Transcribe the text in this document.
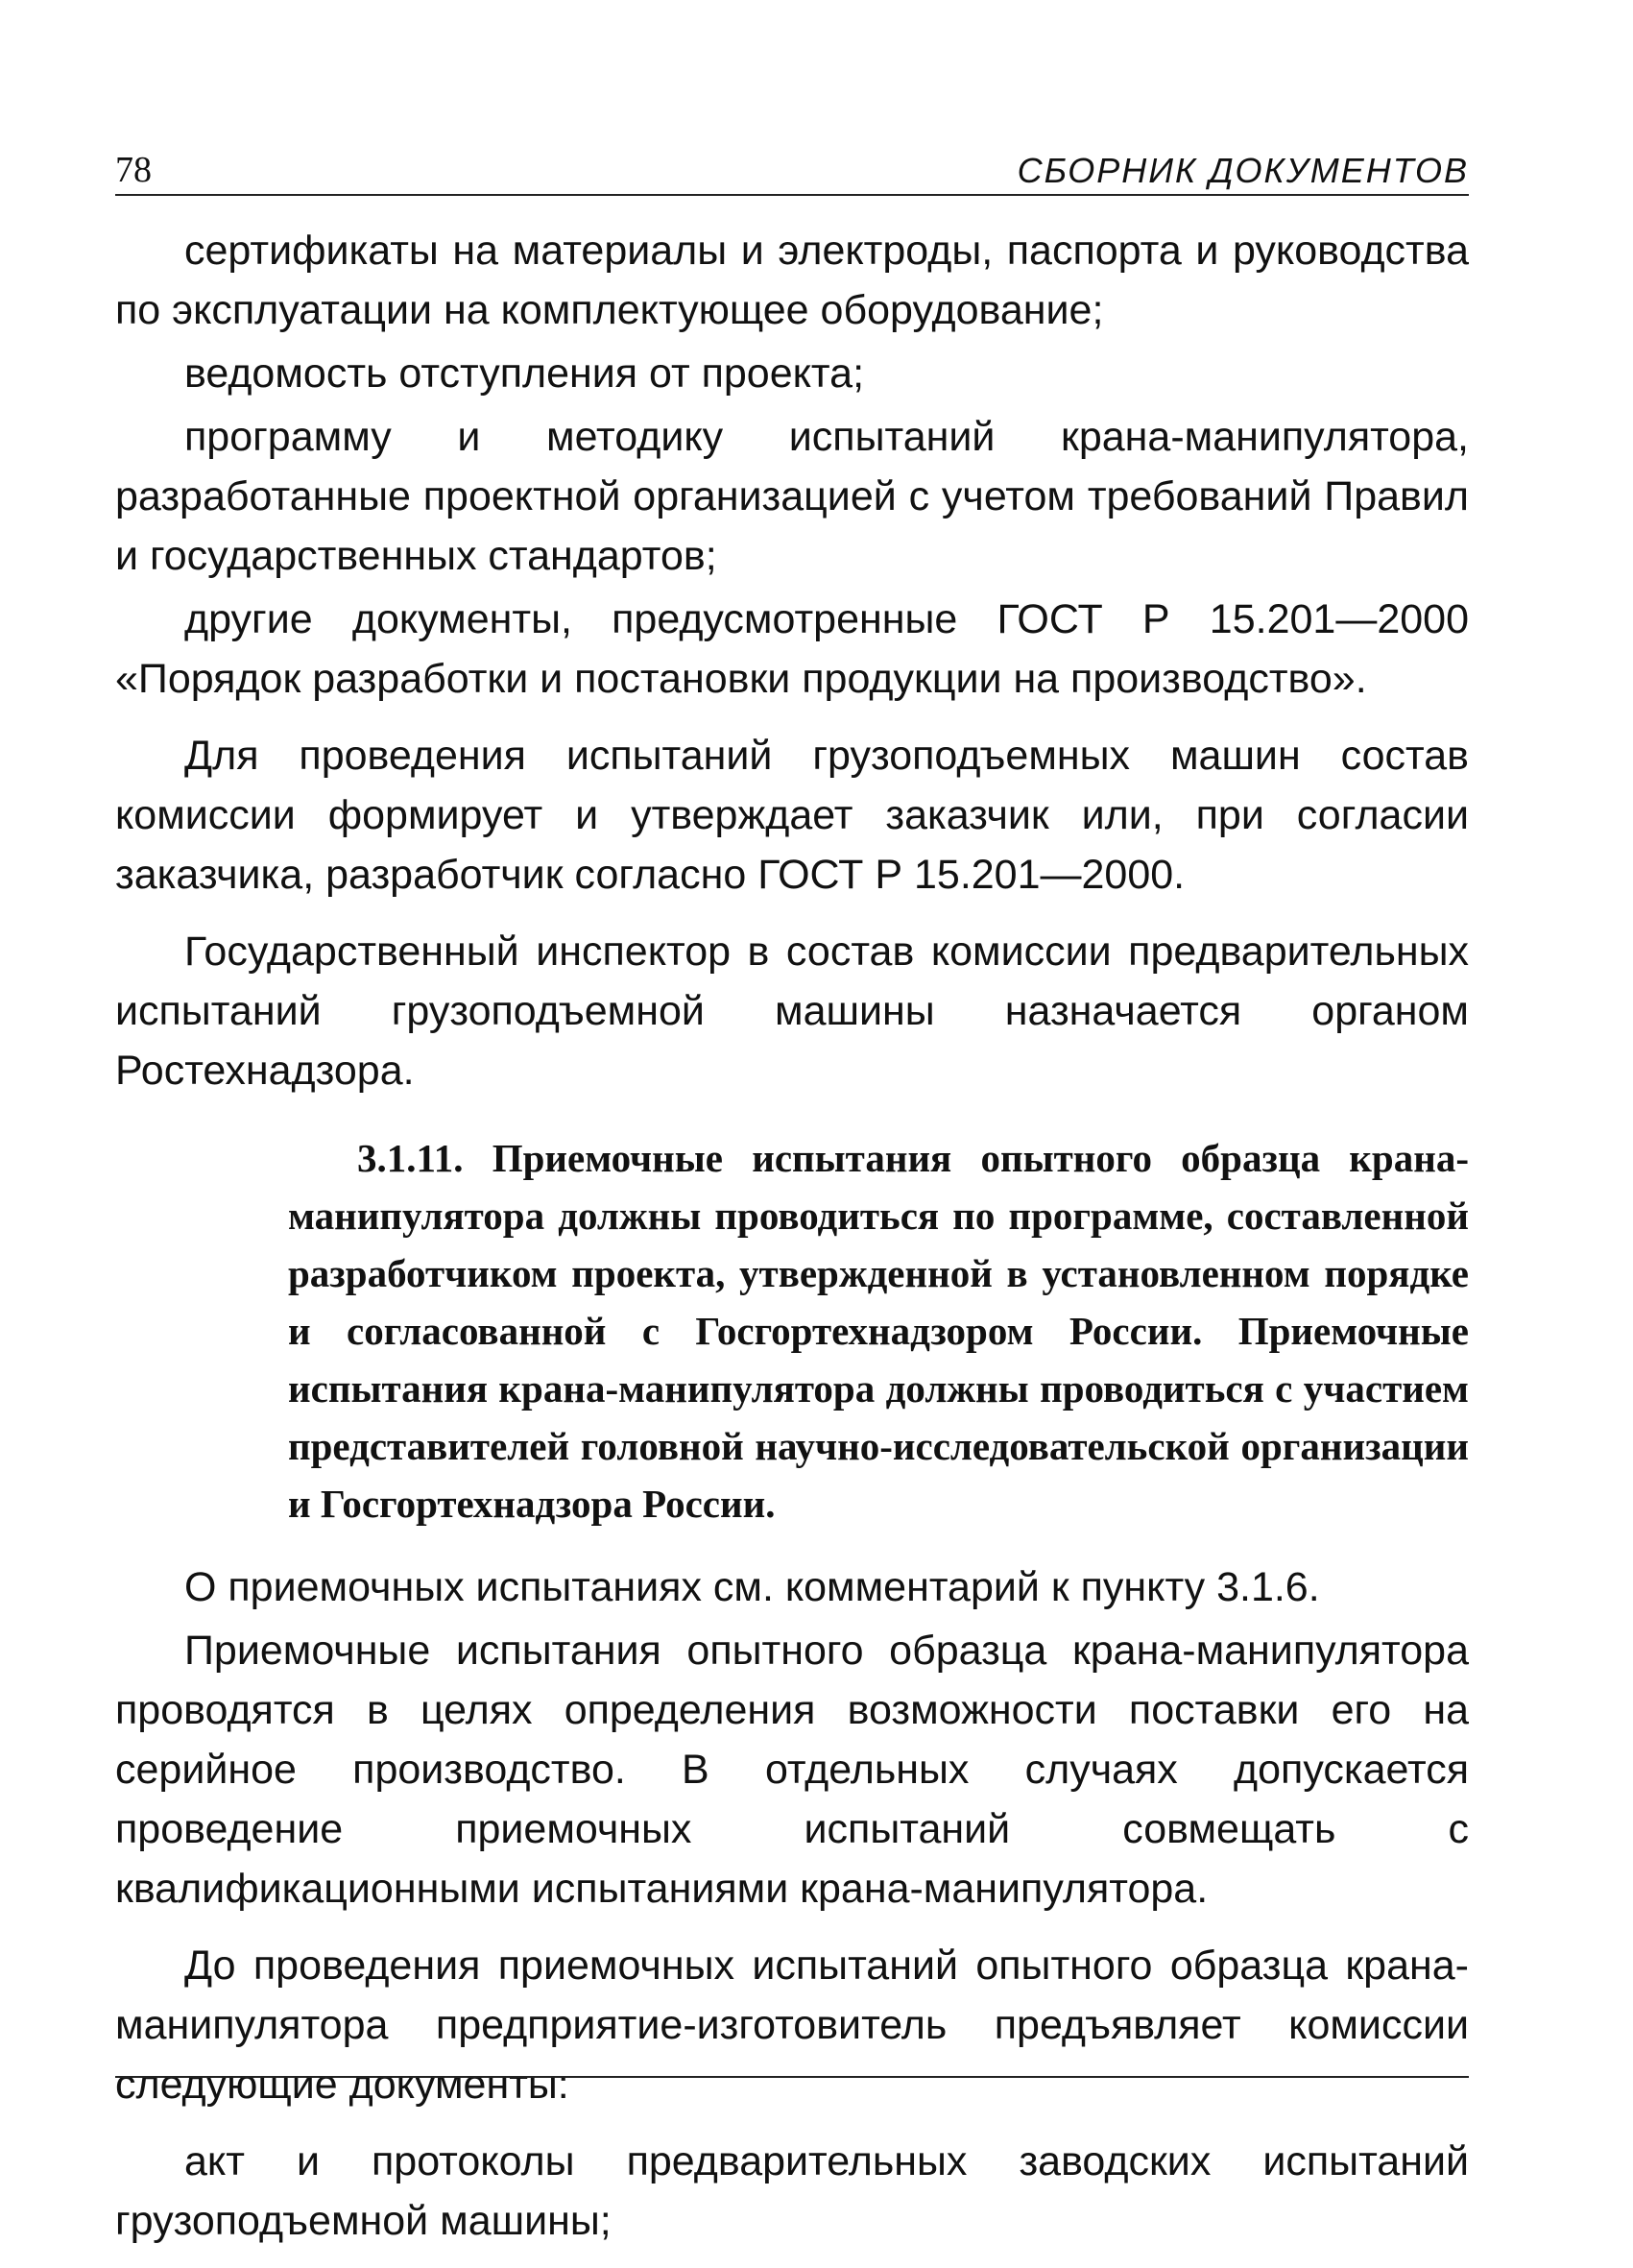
78	СБОРНИК ДОКУМЕНТОВ

сертификаты на материалы и электроды, паспорта и руководства по эксплуатации на комплектующее оборудование;

ведомость отступления от проекта;

программу и методику испытаний крана-манипулятора, разработанные проектной организацией с учетом требований Правил и государственных стандартов;

другие документы, предусмотренные ГОСТ Р 15.201—2000 «Порядок разработки и постановки продукции на производство».

Для проведения испытаний грузоподъемных машин состав комиссии формирует и утверждает заказчик или, при согласии заказчика, разработчик согласно ГОСТ Р 15.201—2000.

Государственный инспектор в состав комиссии предварительных испытаний грузоподъемной машины назначается органом Ростехнадзора.

3.1.11. Приемочные испытания опытного образца крана-манипулятора должны проводиться по программе, составленной разработчиком проекта, утвержденной в установленном порядке и согласованной с Госгортехнадзором России. Приемочные испытания крана-манипулятора должны проводиться с участием представителей головной научно-исследовательской организации и Госгортехнадзора России.

О приемочных испытаниях см. комментарий к пункту 3.1.6.

Приемочные испытания опытного образца крана-манипулятора проводятся в целях определения возможности поставки его на серийное производство. В отдельных случаях допускается проведение приемочных испытаний совмещать с квалификационными испытаниями крана-манипулятора.

До проведения приемочных испытаний опытного образца крана-манипулятора предприятие-изготовитель предъявляет комиссии следующие документы:

акт и протоколы предварительных заводских испытаний грузоподъемной машины;
